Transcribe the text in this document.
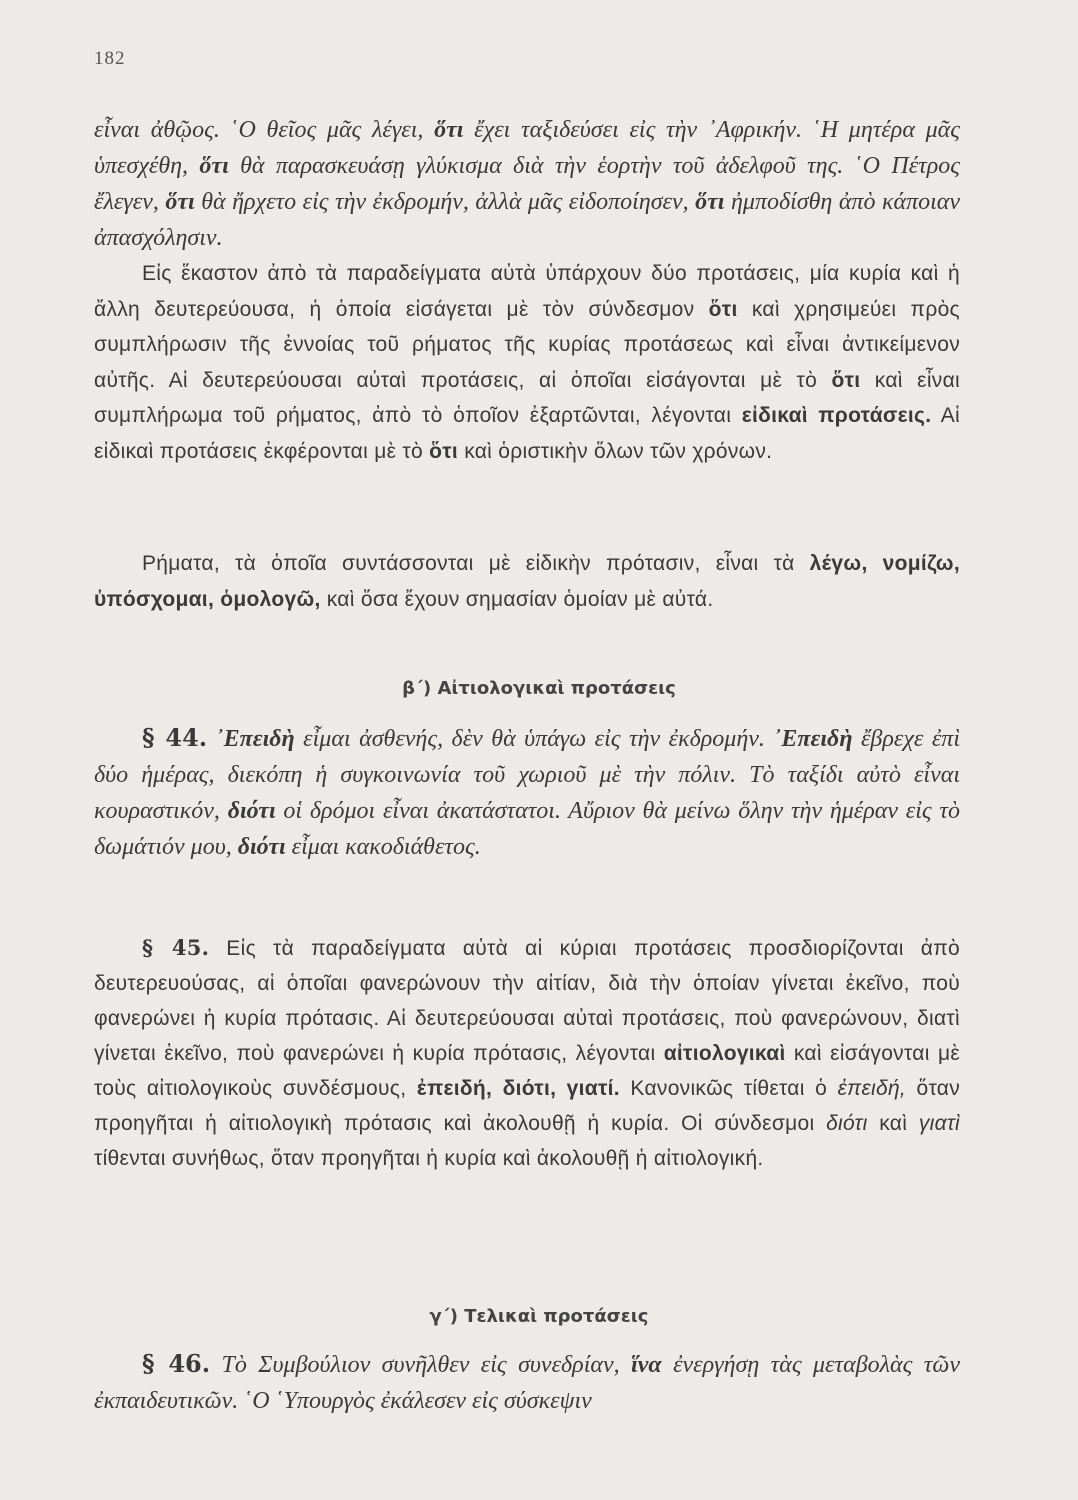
182

εἶναι ἀθῷος. ῾Ο θεῖος μᾶς λέγει, ὅτι ἔχει ταξιδεύσει εἰς τὴν ᾿Αφρικήν. ῾Η μητέρα μᾶς ὑπεσχέθη, ὅτι θὰ παρασκευάσῃ γλύκισμα διὰ τὴν ἑορτὴν τοῦ ἀδελφοῦ της. ῾Ο Πέτρος ἔλεγεν, ὅτι θὰ ἤρχετο εἰς τὴν ἐκδρομήν, ἀλλὰ μᾶς εἰδοποίησεν, ὅτι ἠμποδίσθη ἀπὸ κάποιαν ἀπασχόλησιν.

Εἰς ἕκαστον ἀπὸ τὰ παραδείγματα αὐτὰ ὑπάρχουν δύο προτάσεις, μία κυρία καὶ ἡ ἄλλη δευτερεύουσα, ἡ ὁποία εἰσάγεται μὲ τὸν σύνδεσμον ὅτι καὶ χρησιμεύει πρὸς συμπλήρωσιν τῆς ἐννοίας τοῦ ρήματος τῆς κυρίας προτάσεως καὶ εἶναι ἀντικείμενον αὐτῆς. Αἱ δευτερεύουσαι αὐταὶ προτάσεις, αἱ ὁποῖαι εἰσάγονται μὲ τὸ ὅτι καὶ εἶναι συμπλήρωμα τοῦ ρήματος, ἀπὸ τὸ ὁποῖον ἐξαρτῶνται, λέγονται εἰδικαὶ προτάσεις. Αἱ εἰδικαὶ προτάσεις ἐκφέρονται μὲ τὸ ὅτι καὶ ὁριστικὴν ὅλων τῶν χρόνων.

Ρήματα, τὰ ὁποῖα συντάσσονται μὲ εἰδικὴν πρότασιν, εἶναι τὰ λέγω, νομίζω, ὑπόσχομαι, ὁμολογῶ, καὶ ὅσα ἔχουν σημασίαν ὁμοίαν μὲ αὐτά.

β΄) Αἰτιολογικαὶ προτάσεις

§ 44. ᾿Επειδὴ εἶμαι ἀσθενής, δὲν θὰ ὑπάγω εἰς τὴν ἐκδρομήν. ᾿Επειδὴ ἔβρεχε ἐπὶ δύο ἡμέρας, διεκόπη ἡ συγκοινωνία τοῦ χωριοῦ μὲ τὴν πόλιν. Τὸ ταξίδι αὐτὸ εἶναι κουραστικόν, διότι οἱ δρόμοι εἶναι ἀκατάστατοι. Αὔριον θὰ μείνω ὅλην τὴν ἡμέραν εἰς τὸ δωμάτιόν μου, διότι εἶμαι κακοδιάθετος.

§ 45. Εἰς τὰ παραδείγματα αὐτὰ αἱ κύριαι προτάσεις προσδιορίζονται ἀπὸ δευτερευούσας, αἱ ὁποῖαι φανερώνουν τὴν αἰτίαν, διὰ τὴν ὁποίαν γίνεται ἐκεῖνο, ποὺ φανερώνει ἡ κυρία πρότασις. Αἱ δευτερεύουσαι αὐταὶ προτάσεις, ποὺ φανερώνουν, διατὶ γίνεται ἐκεῖνο, ποὺ φανερώνει ἡ κυρία πρότασις, λέγονται αἰτιολογικαὶ καὶ εἰσάγονται μὲ τοὺς αἰτιολογικοὺς συνδέσμους, ἐπειδή, διότι, γιατί. Κανονικῶς τίθεται ὁ ἐπειδή, ὅταν προηγῆται ἡ αἰτιολογικὴ πρότασις καὶ ἀκολουθῇ ἡ κυρία. Οἱ σύνδεσμοι διότι καὶ γιατὶ τίθενται συνήθως, ὅταν προηγῆται ἡ κυρία καὶ ἀκολουθῇ ἡ αἰτιολογική.

γ΄) Τελικαὶ προτάσεις

§ 46. Τὸ Συμβούλιον συνῆλθεν εἰς συνεδρίαν, ἵνα ἐνεργήσῃ τὰς μεταβολὰς τῶν ἐκπαιδευτικῶν. ῾Ο ῾Υπουργὸς ἐκάλεσεν εἰς σύσκεψιν
